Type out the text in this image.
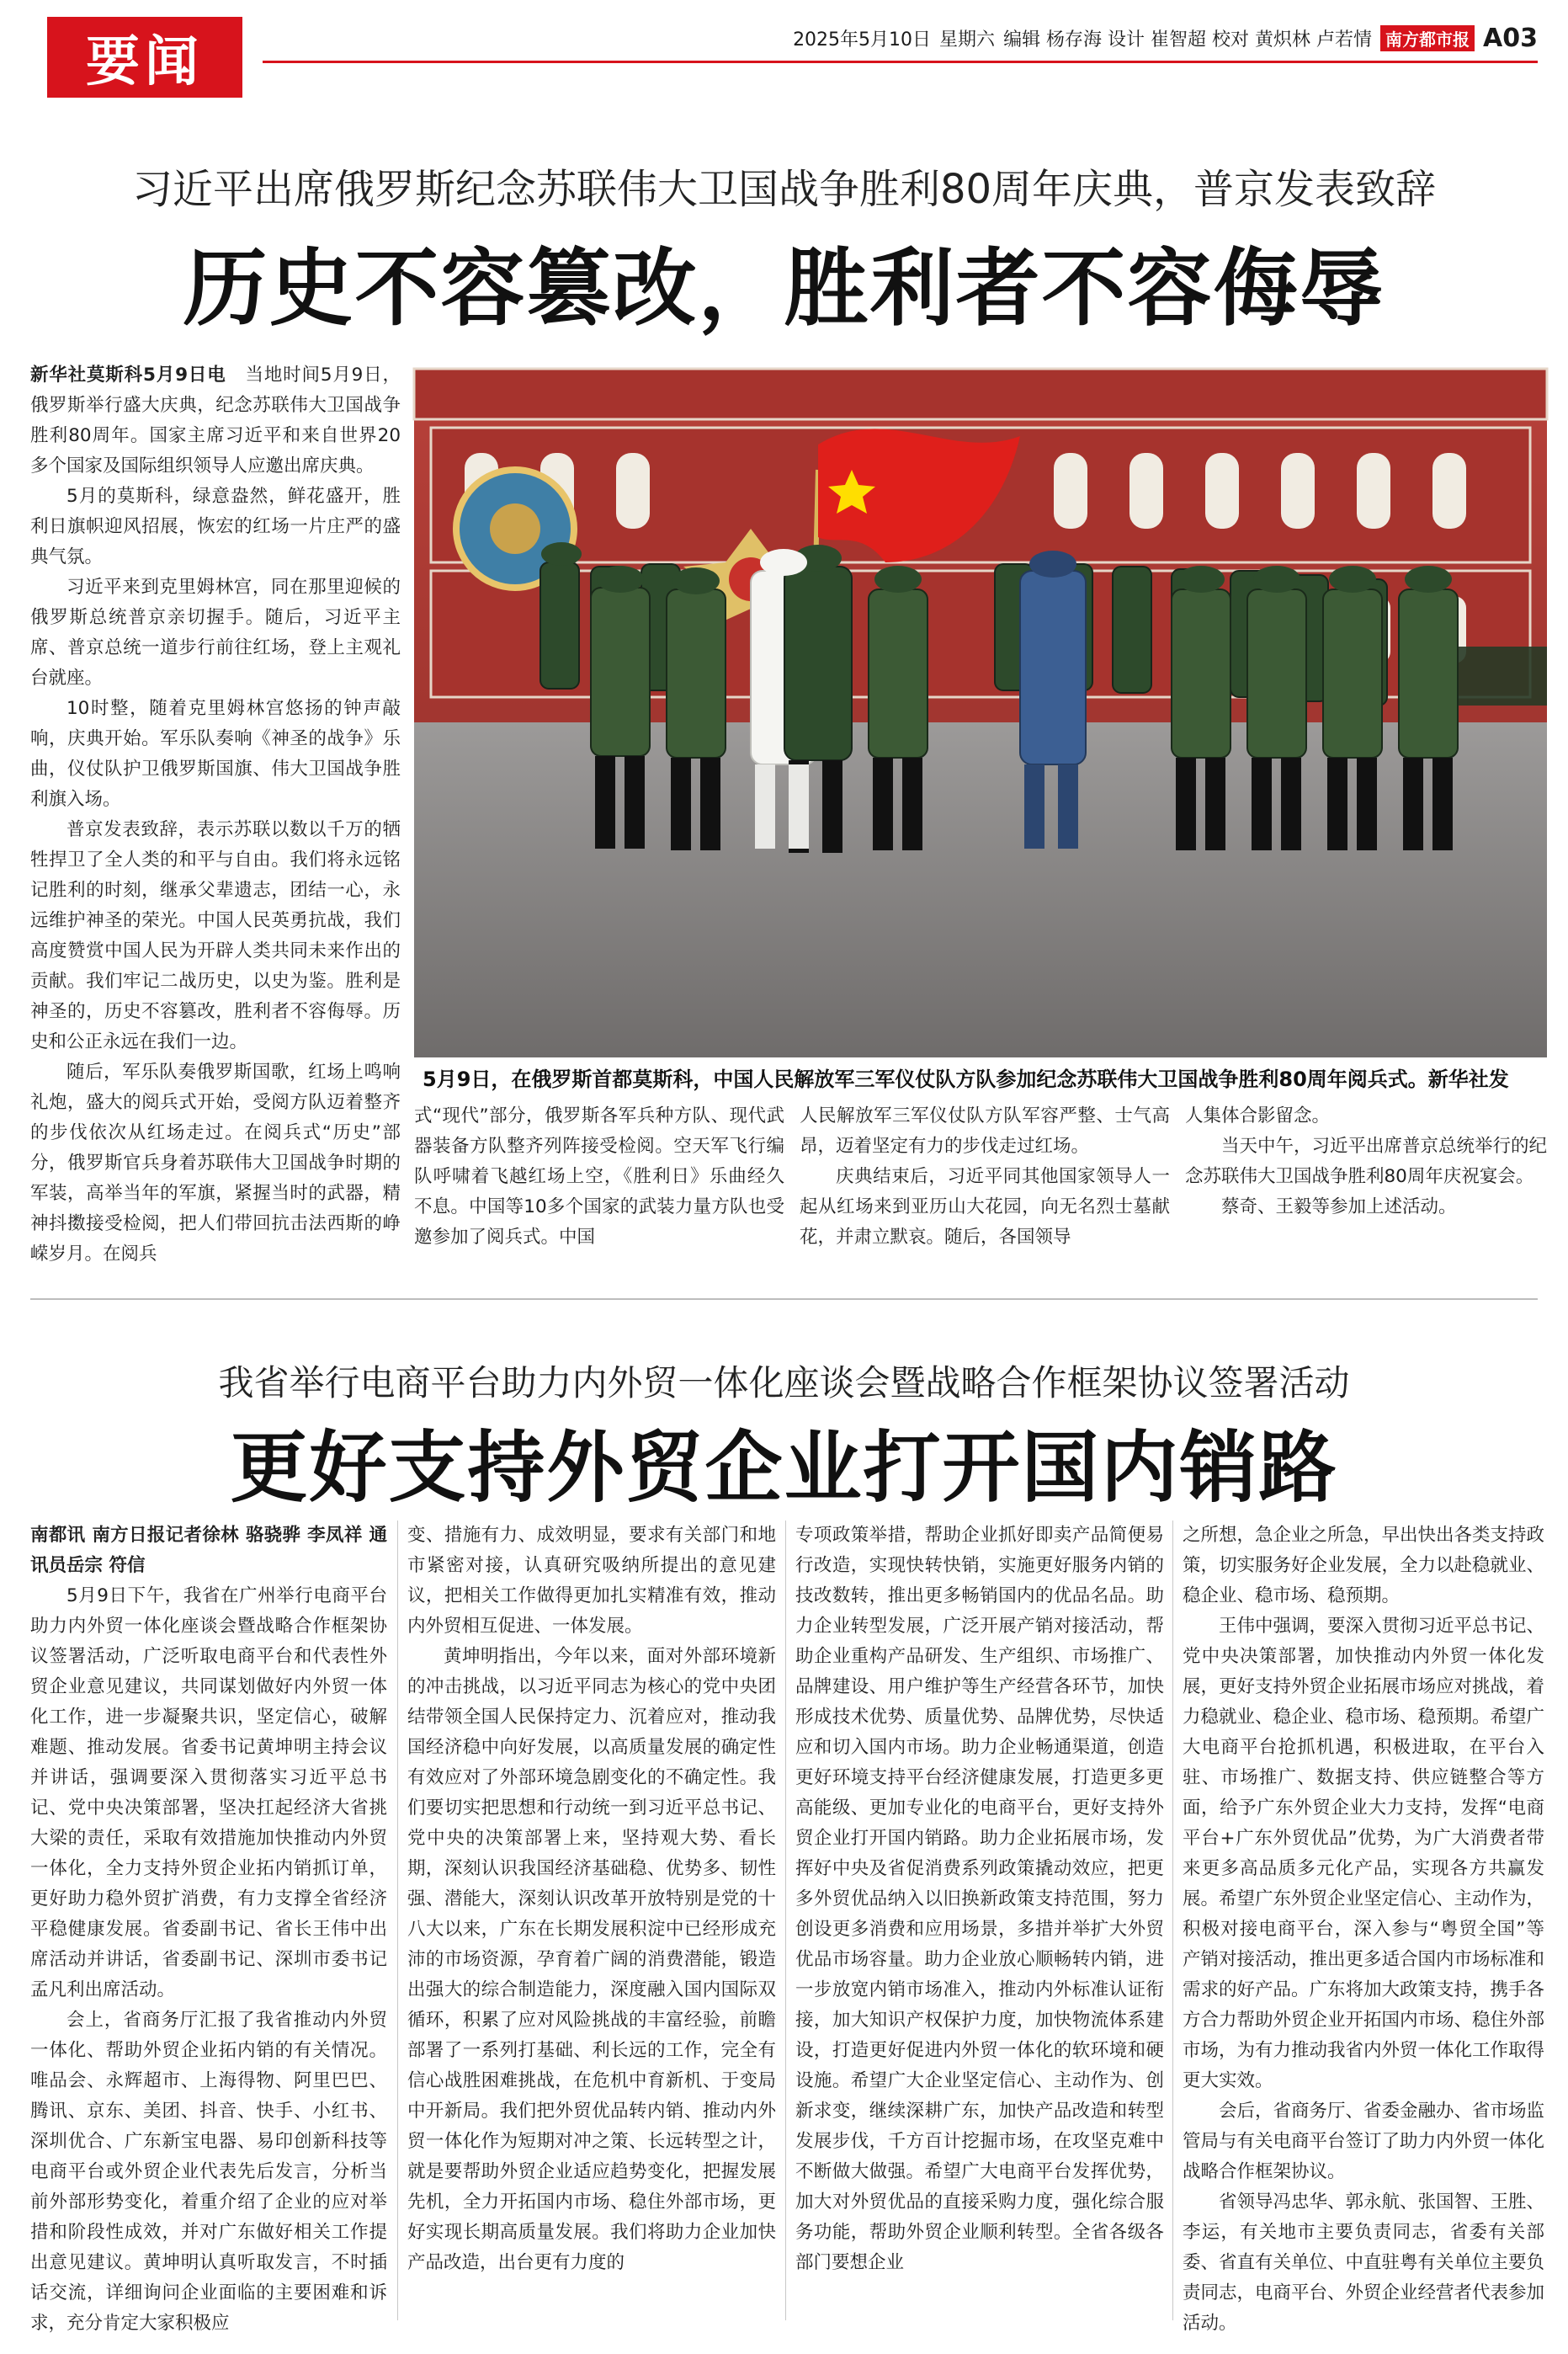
要闻	2025年5月10日 星期六 编辑 杨存海 设计 崔智超 校对 黄炽林 卢若情 南方都市报 A03
习近平出席俄罗斯纪念苏联伟大卫国战争胜利80周年庆典，普京发表致辞
历史不容篡改，胜利者不容侮辱

新华社莫斯科5月9日电 当地时间5月9日，俄罗斯举行盛大庆典，纪念苏联伟大卫国战争胜利80周年。国家主席习近平和来自世界20多个国家及国际组织领导人应邀出席庆典。

5月的莫斯科，绿意盎然，鲜花盛开，胜利日旗帜迎风招展，恢宏的红场一片庄严的盛典气氛。

习近平来到克里姆林宫，同在那里迎候的俄罗斯总统普京亲切握手。随后，习近平主席、普京总统一道步行前往红场，登上主观礼台就座。

10时整，随着克里姆林宫悠扬的钟声敲响，庆典开始。军乐队奏响《神圣的战争》乐曲，仪仗队护卫俄罗斯国旗、伟大卫国战争胜利旗入场。

普京发表致辞，表示苏联以数以千万的牺牲捍卫了全人类的和平与自由。我们将永远铭记胜利的时刻，继承父辈遗志，团结一心，永远维护神圣的荣光。中国人民英勇抗战，我们高度赞赏中国人民为开辟人类共同未来作出的贡献。我们牢记二战历史，以史为鉴。胜利是神圣的，历史不容篡改，胜利者不容侮辱。历史和公正永远在我们一边。

随后，军乐队奏俄罗斯国歌，红场上鸣响礼炮，盛大的阅兵式开始，受阅方队迈着整齐的步伐依次从红场走过。在阅兵式“历史”部分，俄罗斯官兵身着苏联伟大卫国战争时期的军装，高举当年的军旗，紧握当时的武器，精神抖擞接受检阅，把人们带回抗击法西斯的峥嵘岁月。在阅兵

5月9日，在俄罗斯首都莫斯科，中国人民解放军三军仪仗队方队参加纪念苏联伟大卫国战争胜利80周年阅兵式。新华社发

式“现代”部分，俄罗斯各军兵种方队、现代武器装备方队整齐列阵接受检阅。空天军飞行编队呼啸着飞越红场上空，《胜利日》乐曲经久不息。中国等10多个国家的武装力量方队也受邀参加了阅兵式。中国

人民解放军三军仪仗队方队军容严整、士气高昂，迈着坚定有力的步伐走过红场。

庆典结束后，习近平同其他国家领导人一起从红场来到亚历山大花园，向无名烈士墓献花，并肃立默哀。随后，各国领导

人集体合影留念。

当天中午，习近平出席普京总统举行的纪念苏联伟大卫国战争胜利80周年庆祝宴会。

蔡奇、王毅等参加上述活动。

我省举行电商平台助力内外贸一体化座谈会暨战略合作框架协议签署活动
更好支持外贸企业打开国内销路

南都讯 南方日报记者徐林 骆骁骅 李凤祥 通讯员岳宗 符信

5月9日下午，我省在广州举行电商平台助力内外贸一体化座谈会暨战略合作框架协议签署活动，广泛听取电商平台和代表性外贸企业意见建议，共同谋划做好内外贸一体化工作，进一步凝聚共识，坚定信心，破解难题、推动发展。省委书记黄坤明主持会议并讲话，强调要深入贯彻落实习近平总书记、党中央决策部署，坚决扛起经济大省挑大梁的责任，采取有效措施加快推动内外贸一体化，全力支持外贸企业拓内销抓订单，更好助力稳外贸扩消费，有力支撑全省经济平稳健康发展。省委副书记、省长王伟中出席活动并讲话，省委副书记、深圳市委书记孟凡利出席活动。

会上，省商务厅汇报了我省推动内外贸一体化、帮助外贸企业拓内销的有关情况。唯品会、永辉超市、上海得物、阿里巴巴、腾讯、京东、美团、抖音、快手、小红书、深圳优合、广东新宝电器、易印创新科技等电商平台或外贸企业代表先后发言，分析当前外部形势变化，着重介绍了企业的应对举措和阶段性成效，并对广东做好相关工作提出意见建议。黄坤明认真听取发言，不时插话交流，详细询问企业面临的主要困难和诉求，充分肯定大家积极应

变、措施有力、成效明显，要求有关部门和地市紧密对接，认真研究吸纳所提出的意见建议，把相关工作做得更加扎实精准有效，推动内外贸相互促进、一体发展。

黄坤明指出，今年以来，面对外部环境新的冲击挑战，以习近平同志为核心的党中央团结带领全国人民保持定力、沉着应对，推动我国经济稳中向好发展，以高质量发展的确定性有效应对了外部环境急剧变化的不确定性。我们要切实把思想和行动统一到习近平总书记、党中央的决策部署上来，坚持观大势、看长期，深刻认识我国经济基础稳、优势多、韧性强、潜能大，深刻认识改革开放特别是党的十八大以来，广东在长期发展积淀中已经形成充沛的市场资源，孕育着广阔的消费潜能，锻造出强大的综合制造能力，深度融入国内国际双循环，积累了应对风险挑战的丰富经验，前瞻部署了一系列打基础、利长远的工作，完全有信心战胜困难挑战，在危机中育新机、于变局中开新局。我们把外贸优品转内销、推动内外贸一体化作为短期对冲之策、长远转型之计，就是要帮助外贸企业适应趋势变化，把握发展先机，全力开拓国内市场、稳住外部市场，更好实现长期高质量发展。我们将助力企业加快产品改造，出台更有力度的

专项政策举措，帮助企业抓好即卖产品简便易行改造，实现快转快销，实施更好服务内销的技改数转，推出更多畅销国内的优品名品。助力企业转型发展，广泛开展产销对接活动，帮助企业重构产品研发、生产组织、市场推广、品牌建设、用户维护等生产经营各环节，加快形成技术优势、质量优势、品牌优势，尽快适应和切入国内市场。助力企业畅通渠道，创造更好环境支持平台经济健康发展，打造更多更高能级、更加专业化的电商平台，更好支持外贸企业打开国内销路。助力企业拓展市场，发挥好中央及省促消费系列政策撬动效应，把更多外贸优品纳入以旧换新政策支持范围，努力创设更多消费和应用场景，多措并举扩大外贸优品市场容量。助力企业放心顺畅转内销，进一步放宽内销市场准入，推动内外标准认证衔接，加大知识产权保护力度，加快物流体系建设，打造更好促进内外贸一体化的软环境和硬设施。希望广大企业坚定信心、主动作为、创新求变，继续深耕广东，加快产品改造和转型发展步伐，千方百计挖掘市场，在攻坚克难中不断做大做强。希望广大电商平台发挥优势，加大对外贸优品的直接采购力度，强化综合服务功能，帮助外贸企业顺利转型。全省各级各部门要想企业

之所想，急企业之所急，早出快出各类支持政策，切实服务好企业发展，全力以赴稳就业、稳企业、稳市场、稳预期。

王伟中强调，要深入贯彻习近平总书记、党中央决策部署，加快推动内外贸一体化发展，更好支持外贸企业拓展市场应对挑战，着力稳就业、稳企业、稳市场、稳预期。希望广大电商平台抢抓机遇，积极进取，在平台入驻、市场推广、数据支持、供应链整合等方面，给予广东外贸企业大力支持，发挥“电商平台+广东外贸优品”优势，为广大消费者带来更多高品质多元化产品，实现各方共赢发展。希望广东外贸企业坚定信心、主动作为，积极对接电商平台，深入参与“粤贸全国”等产销对接活动，推出更多适合国内市场标准和需求的好产品。广东将加大政策支持，携手各方合力帮助外贸企业开拓国内市场、稳住外部市场，为有力推动我省内外贸一体化工作取得更大实效。

会后，省商务厅、省委金融办、省市场监管局与有关电商平台签订了助力内外贸一体化战略合作框架协议。

省领导冯忠华、郭永航、张国智、王胜、李运，有关地市主要负责同志，省委有关部委、省直有关单位、中直驻粤有关单位主要负责同志，电商平台、外贸企业经营者代表参加活动。
